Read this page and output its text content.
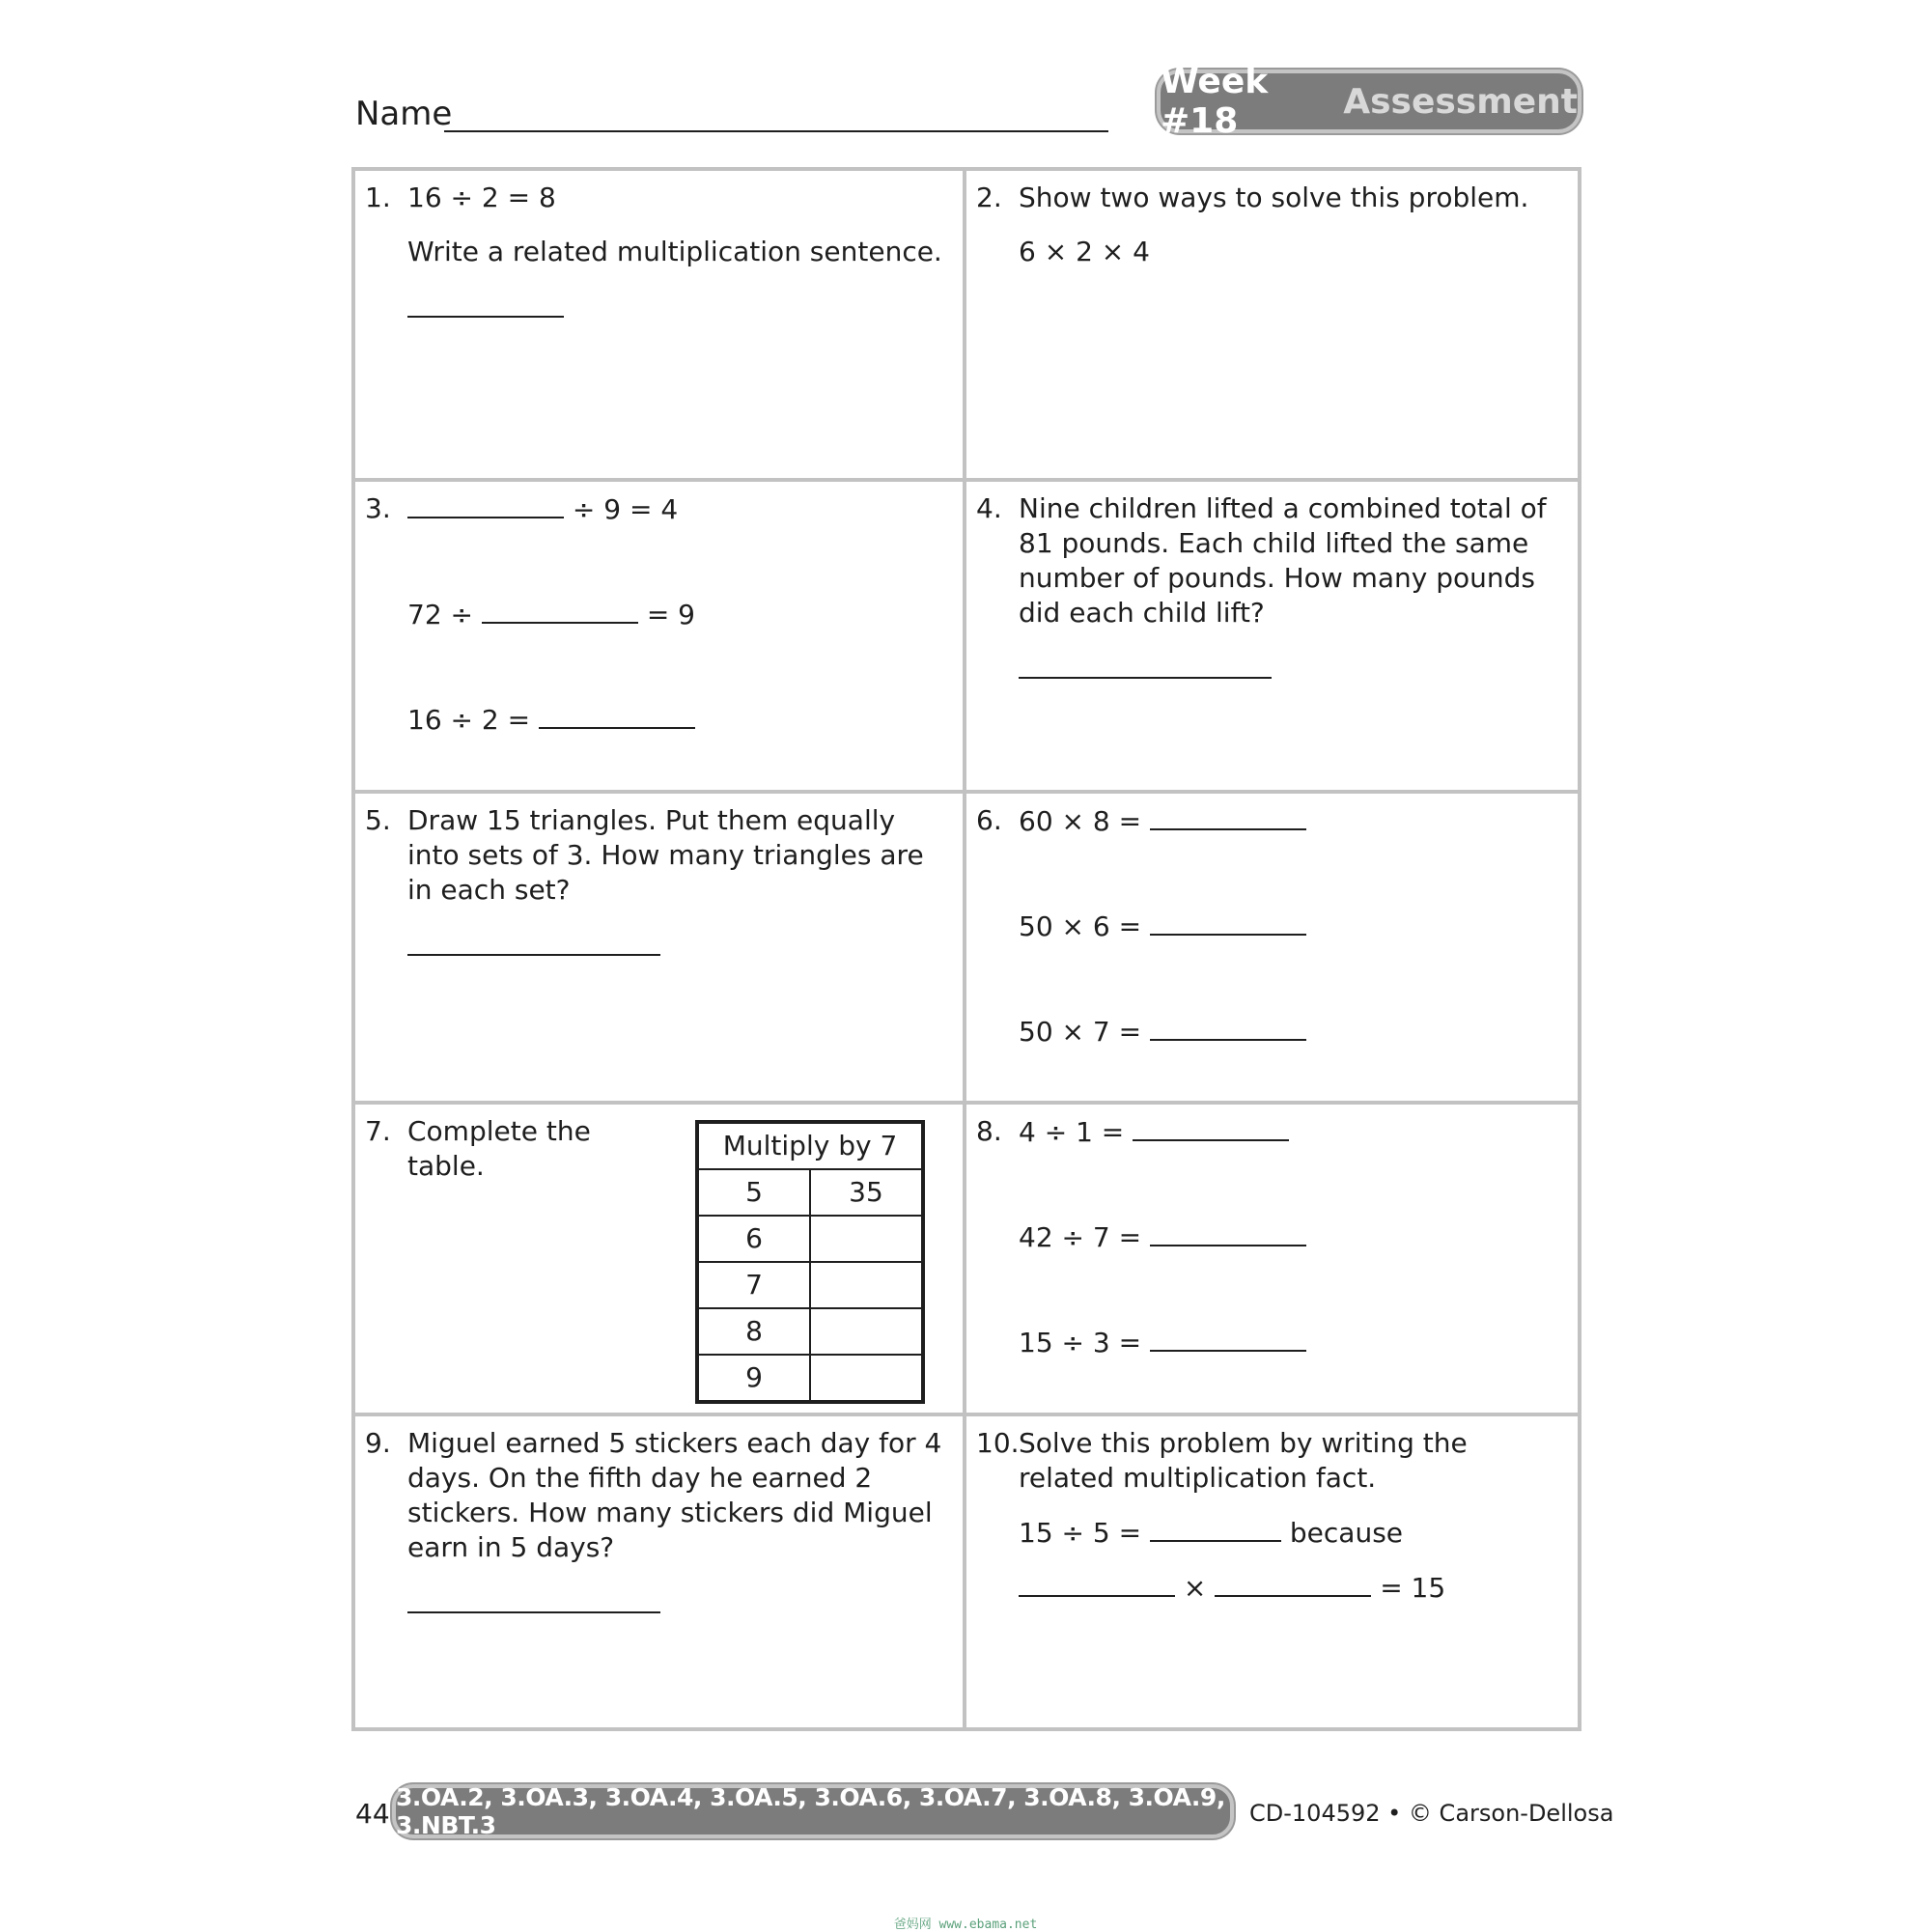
Name
Week #18	Assessment
1. 16 ÷ 2 = 8
Write a related multiplication sentence.
2. Show two ways to solve this problem.
6 × 2 × 4
3.	÷ 9 = 4
72 ÷	= 9
16 ÷ 2 =
4. Nine children lifted a combined total of 81 pounds. Each child lifted the same number of pounds. How many pounds did each child lift?
5. Draw 15 triangles. Put them equally into sets of 3. How many triangles are in each set?
6. 60 × 8 =
50 × 6 =
50 × 7 =
7. Complete the table.
Multiply by 7	
5	35
6	
7	
8	
9	
8. 4 ÷ 1 =
42 ÷ 7 =
15 ÷ 3 =
9. Miguel earned 5 stickers each day for 4 days. On the fifth day he earned 2 stickers. How many stickers did Miguel earn in 5 days?
10. Solve this problem by writing the related multiplication fact.
15 ÷ 5 =	because
×	= 15
44
3.OA.2, 3.OA.3, 3.OA.4, 3.OA.5, 3.OA.6, 3.OA.7, 3.OA.8, 3.OA.9, 3.NBT.3	CD-104592 • © Carson-Dellosa
爸妈网 www.ebama.net
